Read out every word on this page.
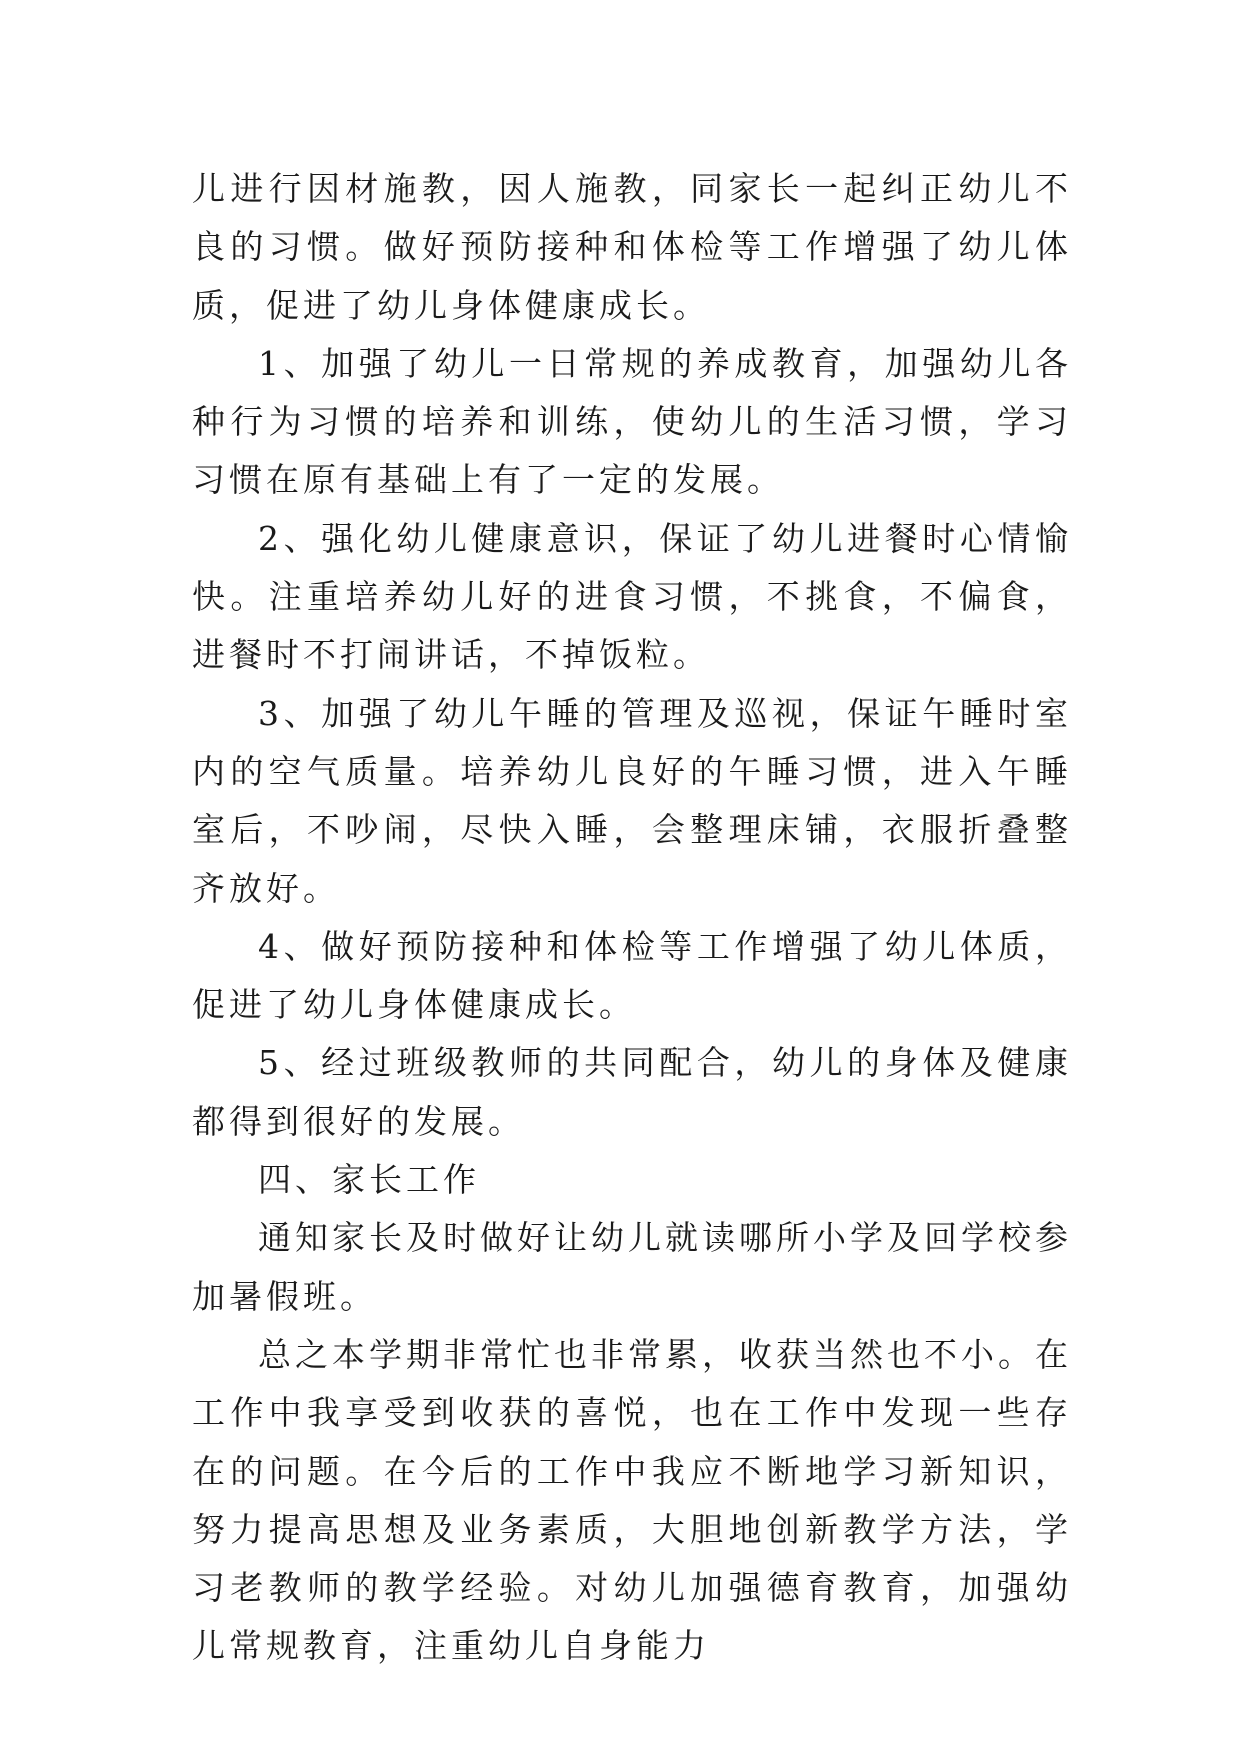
儿进行因材施教，因人施教，同家长一起纠正幼儿不良的习惯。做好预防接种和体检等工作增强了幼儿体质，促进了幼儿身体健康成长。

1、加强了幼儿一日常规的养成教育，加强幼儿各种行为习惯的培养和训练，使幼儿的生活习惯，学习习惯在原有基础上有了一定的发展。

2、强化幼儿健康意识，保证了幼儿进餐时心情愉快。注重培养幼儿好的进食习惯，不挑食，不偏食，进餐时不打闹讲话，不掉饭粒。

3、加强了幼儿午睡的管理及巡视，保证午睡时室内的空气质量。培养幼儿良好的午睡习惯，进入午睡室后，不吵闹，尽快入睡，会整理床铺，衣服折叠整齐放好。

4、做好预防接种和体检等工作增强了幼儿体质，促进了幼儿身体健康成长。

5、经过班级教师的共同配合，幼儿的身体及健康都得到很好的发展。

四、家长工作

通知家长及时做好让幼儿就读哪所小学及回学校参加暑假班。

总之本学期非常忙也非常累，收获当然也不小。在工作中我享受到收获的喜悦，也在工作中发现一些存在的问题。在今后的工作中我应不断地学习新知识，努力提高思想及业务素质，大胆地创新教学方法，学习老教师的教学经验。对幼儿加强德育教育，加强幼儿常规教育，注重幼儿自身能力
